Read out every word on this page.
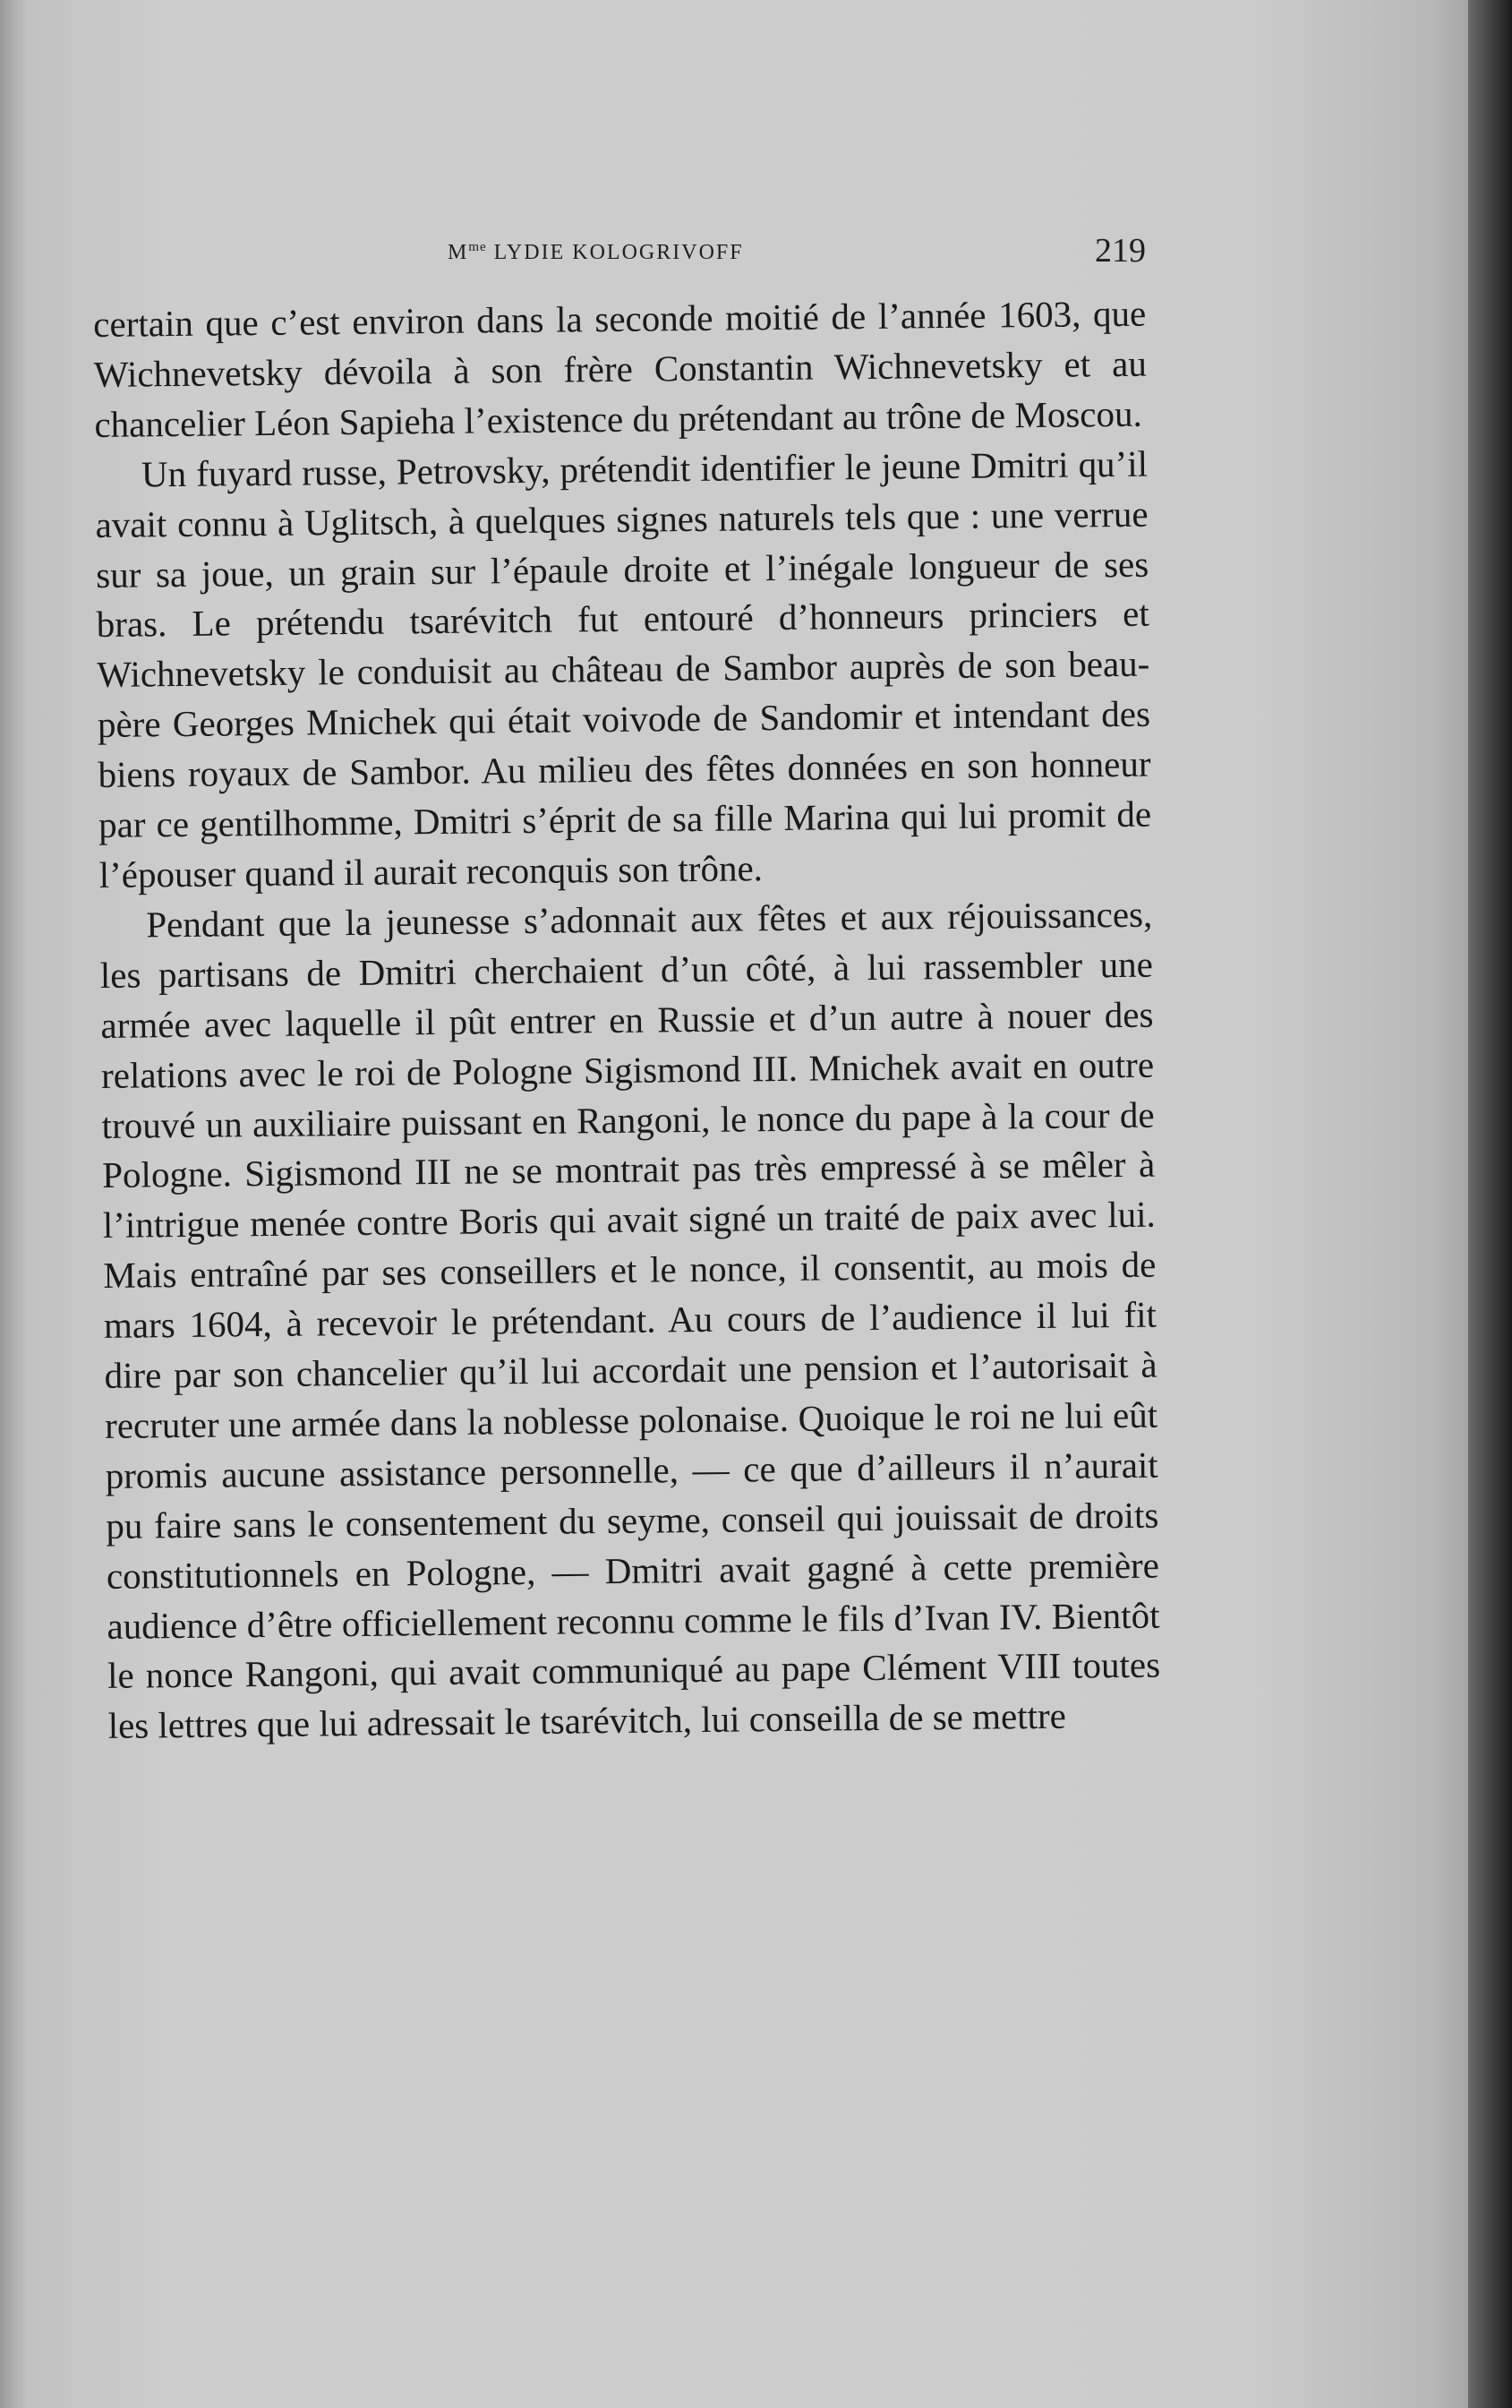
$M^{me}$ LYDIE KOLOGRIVOFF	219

certain que c’est environ dans la seconde moitié de l’année 1603, que Wichnevetsky dévoila à son frère Constantin Wichnevetsky et au chancelier Léon Sapieha l’existence du prétendant au trône de Moscou.

Un fuyard russe, Petrovsky, prétendit identifier le jeune Dmitri qu’il avait connu à Uglitsch, à quelques signes naturels tels que : une verrue sur sa joue, un grain sur l’épaule droite et l’inégale longueur de ses bras. Le prétendu tsarévitch fut entouré d’honneurs princiers et Wichnevetsky le conduisit au château de Sambor auprès de son beau-père Georges Mnichek qui était voivode de Sandomir et intendant des biens royaux de Sambor. Au milieu des fêtes données en son honneur par ce gentilhomme, Dmitri s’éprit de sa fille Marina qui lui promit de l’épouser quand il aurait reconquis son trône.

Pendant que la jeunesse s’adonnait aux fêtes et aux réjouissances, les partisans de Dmitri cherchaient d’un côté, à lui rassembler une armée avec laquelle il pût entrer en Russie et d’un autre à nouer des relations avec le roi de Pologne Sigismond III. Mnichek avait en outre trouvé un auxiliaire puissant en Rangoni, le nonce du pape à la cour de Pologne. Sigismond III ne se montrait pas très empressé à se mêler à l’intrigue menée contre Boris qui avait signé un traité de paix avec lui. Mais entraîné par ses conseillers et le nonce, il consentit, au mois de mars 1604, à recevoir le prétendant. Au cours de l’audience il lui fit dire par son chancelier qu’il lui accordait une pension et l’autorisait à recruter une armée dans la noblesse polonaise. Quoique le roi ne lui eût promis aucune assistance personnelle, — ce que d’ailleurs il n’aurait pu faire sans le consentement du seyme, conseil qui jouissait de droits constitutionnels en Pologne, — Dmitri avait gagné à cette première audience d’être officiellement reconnu comme le fils d’Ivan IV. Bientôt le nonce Rangoni, qui avait communiqué au pape Clément VIII toutes les lettres que lui adressait le tsarévitch, lui conseilla de se mettre
